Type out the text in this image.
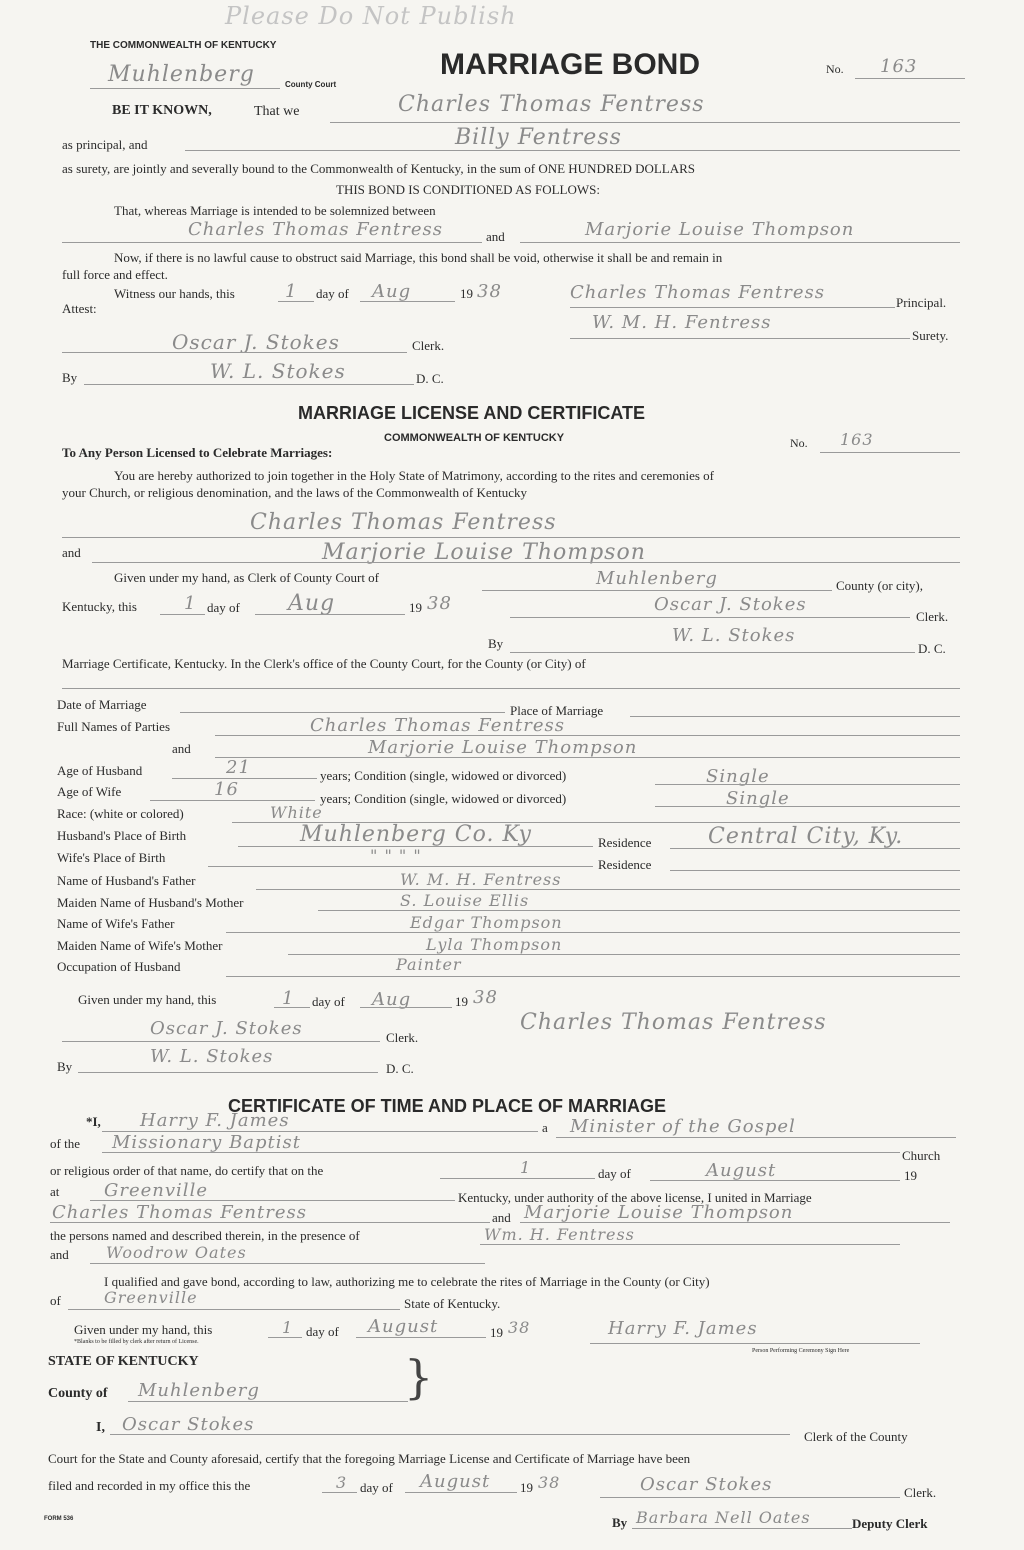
Please Do Not Publish
THE COMMONWEALTH OF KENTUCKY
MARRIAGE BOND	No. 163
Muhlenberg	County Court
BE IT KNOWN,	That we	Charles Thomas Fentress
as principal, and	Billy Fentress
as surety, are jointly and severally bound to the Commonwealth of Kentucky, in the sum of ONE HUNDRED DOLLARS
THIS BOND IS CONDITIONED AS FOLLOWS:
That, whereas Marriage is intended to be solemnized between
Charles Thomas Fentress	and	Marjorie Louise Thompson
Now, if there is no lawful cause to obstruct said Marriage, this bond shall be void, otherwise it shall be and remain in
full force and effect.
Witness our hands, this	1 day of Aug	19 38
Attest:
Charles Thomas Fentress	Principal.
W. M. H. Fentress
Surety.
Oscar J. Stokes	Clerk.
By	W. L. Stokes	D. C.
MARRIAGE LICENSE AND CERTIFICATE
COMMONWEALTH OF KENTUCKY	No. 163
To Any Person Licensed to Celebrate Marriages:
You are hereby authorized to join together in the Holy State of Matrimony, according to the rites and ceremonies of
your Church, or religious denomination, and the laws of the Commonwealth of Kentucky
Charles Thomas Fentress
and	Marjorie Louise Thompson
Given under my hand, as Clerk of County Court of	Muhlenberg	County (or city),
Kentucky, this	1 day of Aug	19 38	Oscar J. Stokes
Clerk.
By	W. L. Stokes
D. C.
Marriage Certificate, Kentucky. In the Clerk's office of the County Court, for the County (or City) of
Date of Marriage	Place of Marriage
Full Names of Parties	Charles Thomas Fentress
and	Marjorie Louise Thompson
Age of Husband	21	years; Condition (single, widowed or divorced)	Single
Age of Wife	16	years; Condition (single, widowed or divorced)	Single
Race: (white or colored)	White
Husband's Place of Birth	Muhlenberg Co. Ky	Residence	Central City, Ky.
Wife's Place of Birth	" " " "	Residence
Name of Husband's Father	W. M. H. Fentress
Maiden Name of Husband's Mother	S. Louise Ellis
Name of Wife's Father	Edgar Thompson
Maiden Name of Wife's Mother	Lyla Thompson
Occupation of Husband	Painter
Given under my hand, this	1 day of Aug	19 38
Charles Thomas Fentress
Oscar J. Stokes	Clerk.
By	W. L. Stokes
D. C.
CERTIFICATE OF TIME AND PLACE OF MARRIAGE
*I, Harry F. James	a Minister of the Gospel
of the Missionary Baptist
Church
or religious order of that name, do certify that on the	1	day of	August	19
at Greenville	Kentucky, under authority of the above license, I united in Marriage
Charles Thomas Fentress	and Marjorie Louise Thompson
the persons named and described therein, in the presence of	Wm. H. Fentress
and Woodrow Oates
I qualified and gave bond, according to law, authorizing me to celebrate the rites of Marriage in the County (or City)
of	Greenville	State of Kentucky.
Given under my hand, this
*Blanks to be filled by clerk after return of License.
1 day of August	19 38	Harry F. James
Person Performing Ceremony Sign Here
STATE OF KENTUCKY
County of Muhlenberg	}
I, Oscar Stokes
Clerk of the County
Court for the State and County aforesaid, certify that the foregoing Marriage License and Certificate of Marriage have been
filed and recorded in my office this the	3 day of August 19 38	Oscar Stokes	Clerk.
FORM 536	By Barbara Nell Oates	Deputy Clerk
